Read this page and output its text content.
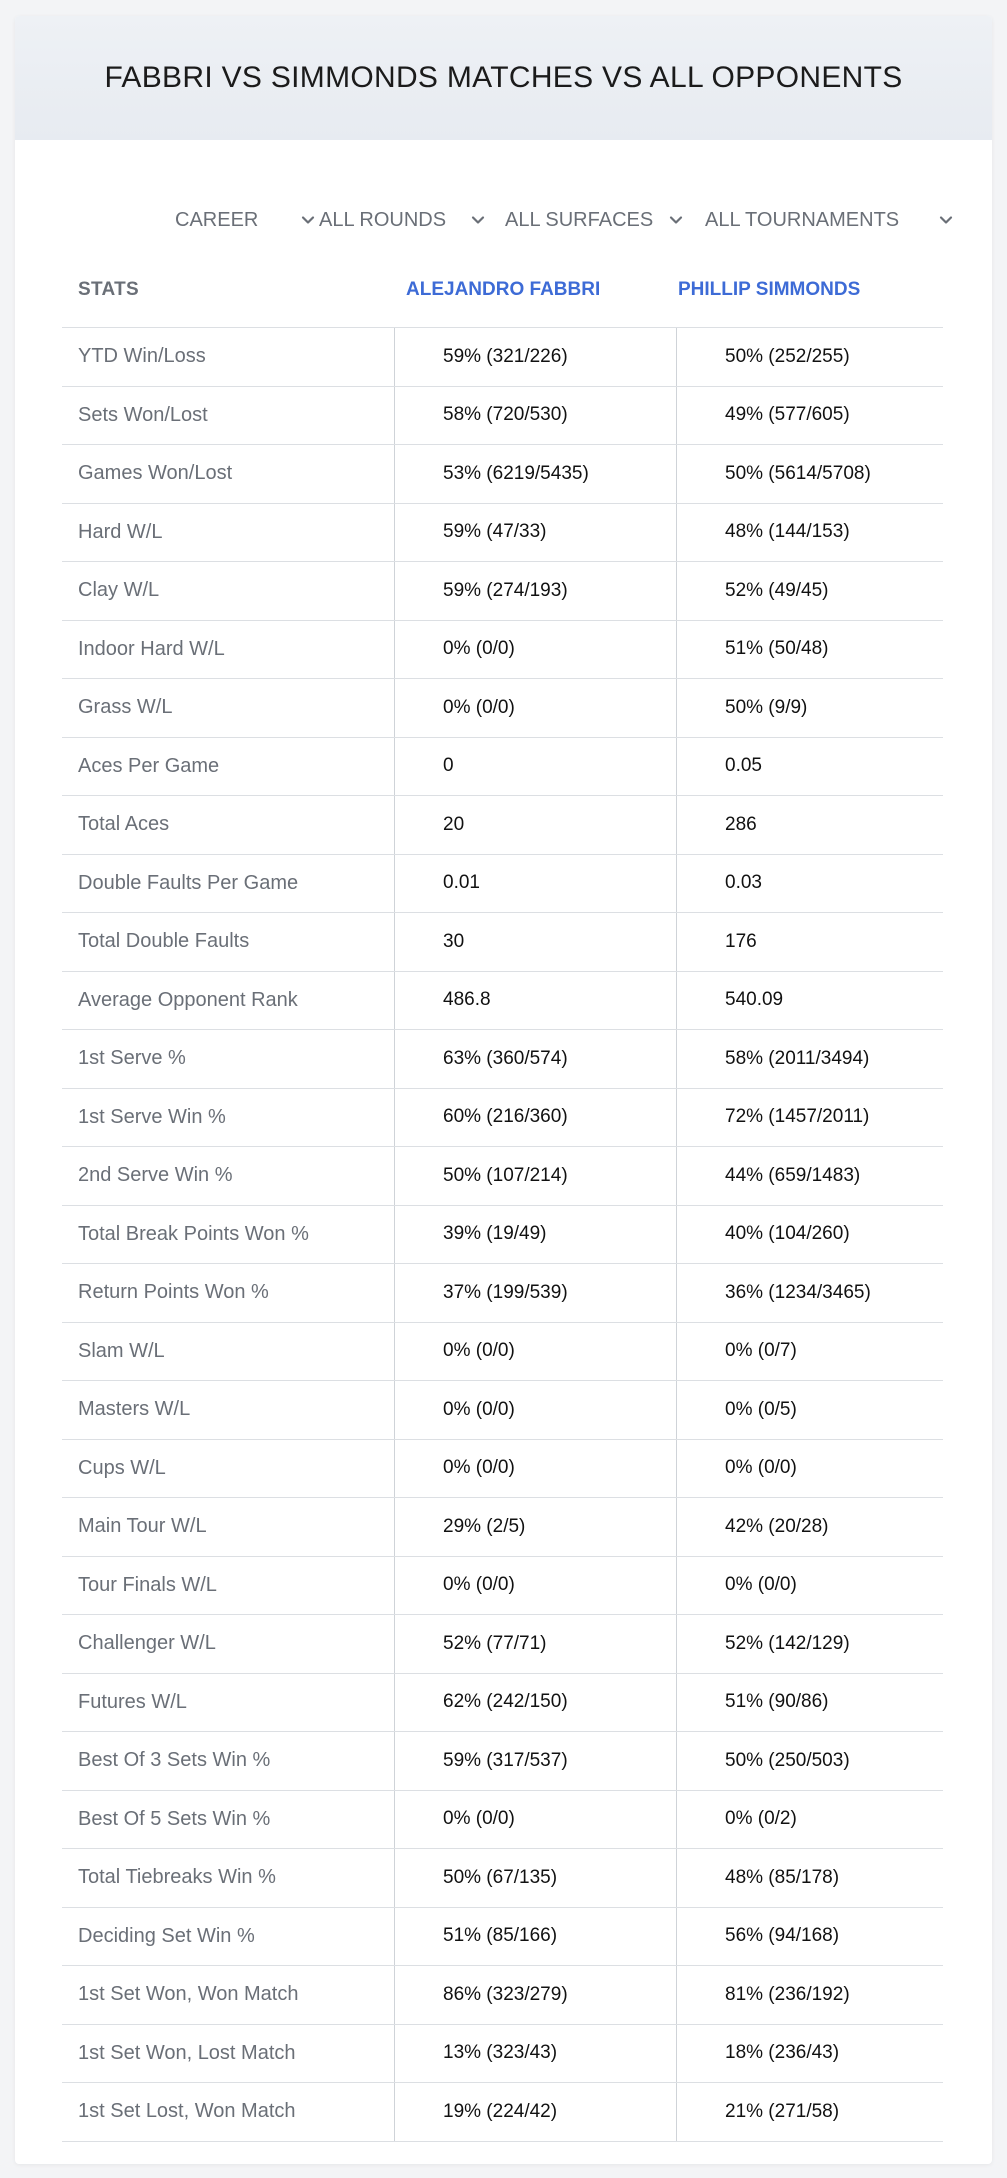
FABBRI VS SIMMONDS MATCHES VS ALL OPPONENTS
CAREER	ALL ROUNDS	ALL SURFACES	ALL TOURNAMENTS
STATS	ALEJANDRO FABBRI	PHILLIP SIMMONDS
YTD Win/Loss	59% (321/226)	50% (252/255)
Sets Won/Lost	58% (720/530)	49% (577/605)
Games Won/Lost	53% (6219/5435)	50% (5614/5708)
Hard W/L	59% (47/33)	48% (144/153)
Clay W/L	59% (274/193)	52% (49/45)
Indoor Hard W/L	0% (0/0)	51% (50/48)
Grass W/L	0% (0/0)	50% (9/9)
Aces Per Game	0	0.05
Total Aces	20	286
Double Faults Per Game	0.01	0.03
Total Double Faults	30	176
Average Opponent Rank	486.8	540.09
1st Serve %	63% (360/574)	58% (2011/3494)
1st Serve Win %	60% (216/360)	72% (1457/2011)
2nd Serve Win %	50% (107/214)	44% (659/1483)
Total Break Points Won %	39% (19/49)	40% (104/260)
Return Points Won %	37% (199/539)	36% (1234/3465)
Slam W/L	0% (0/0)	0% (0/7)
Masters W/L	0% (0/0)	0% (0/5)
Cups W/L	0% (0/0)	0% (0/0)
Main Tour W/L	29% (2/5)	42% (20/28)
Tour Finals W/L	0% (0/0)	0% (0/0)
Challenger W/L	52% (77/71)	52% (142/129)
Futures W/L	62% (242/150)	51% (90/86)
Best Of 3 Sets Win %	59% (317/537)	50% (250/503)
Best Of 5 Sets Win %	0% (0/0)	0% (0/2)
Total Tiebreaks Win %	50% (67/135)	48% (85/178)
Deciding Set Win %	51% (85/166)	56% (94/168)
1st Set Won, Won Match	86% (323/279)	81% (236/192)
1st Set Won, Lost Match	13% (323/43)	18% (236/43)
1st Set Lost, Won Match	19% (224/42)	21% (271/58)
